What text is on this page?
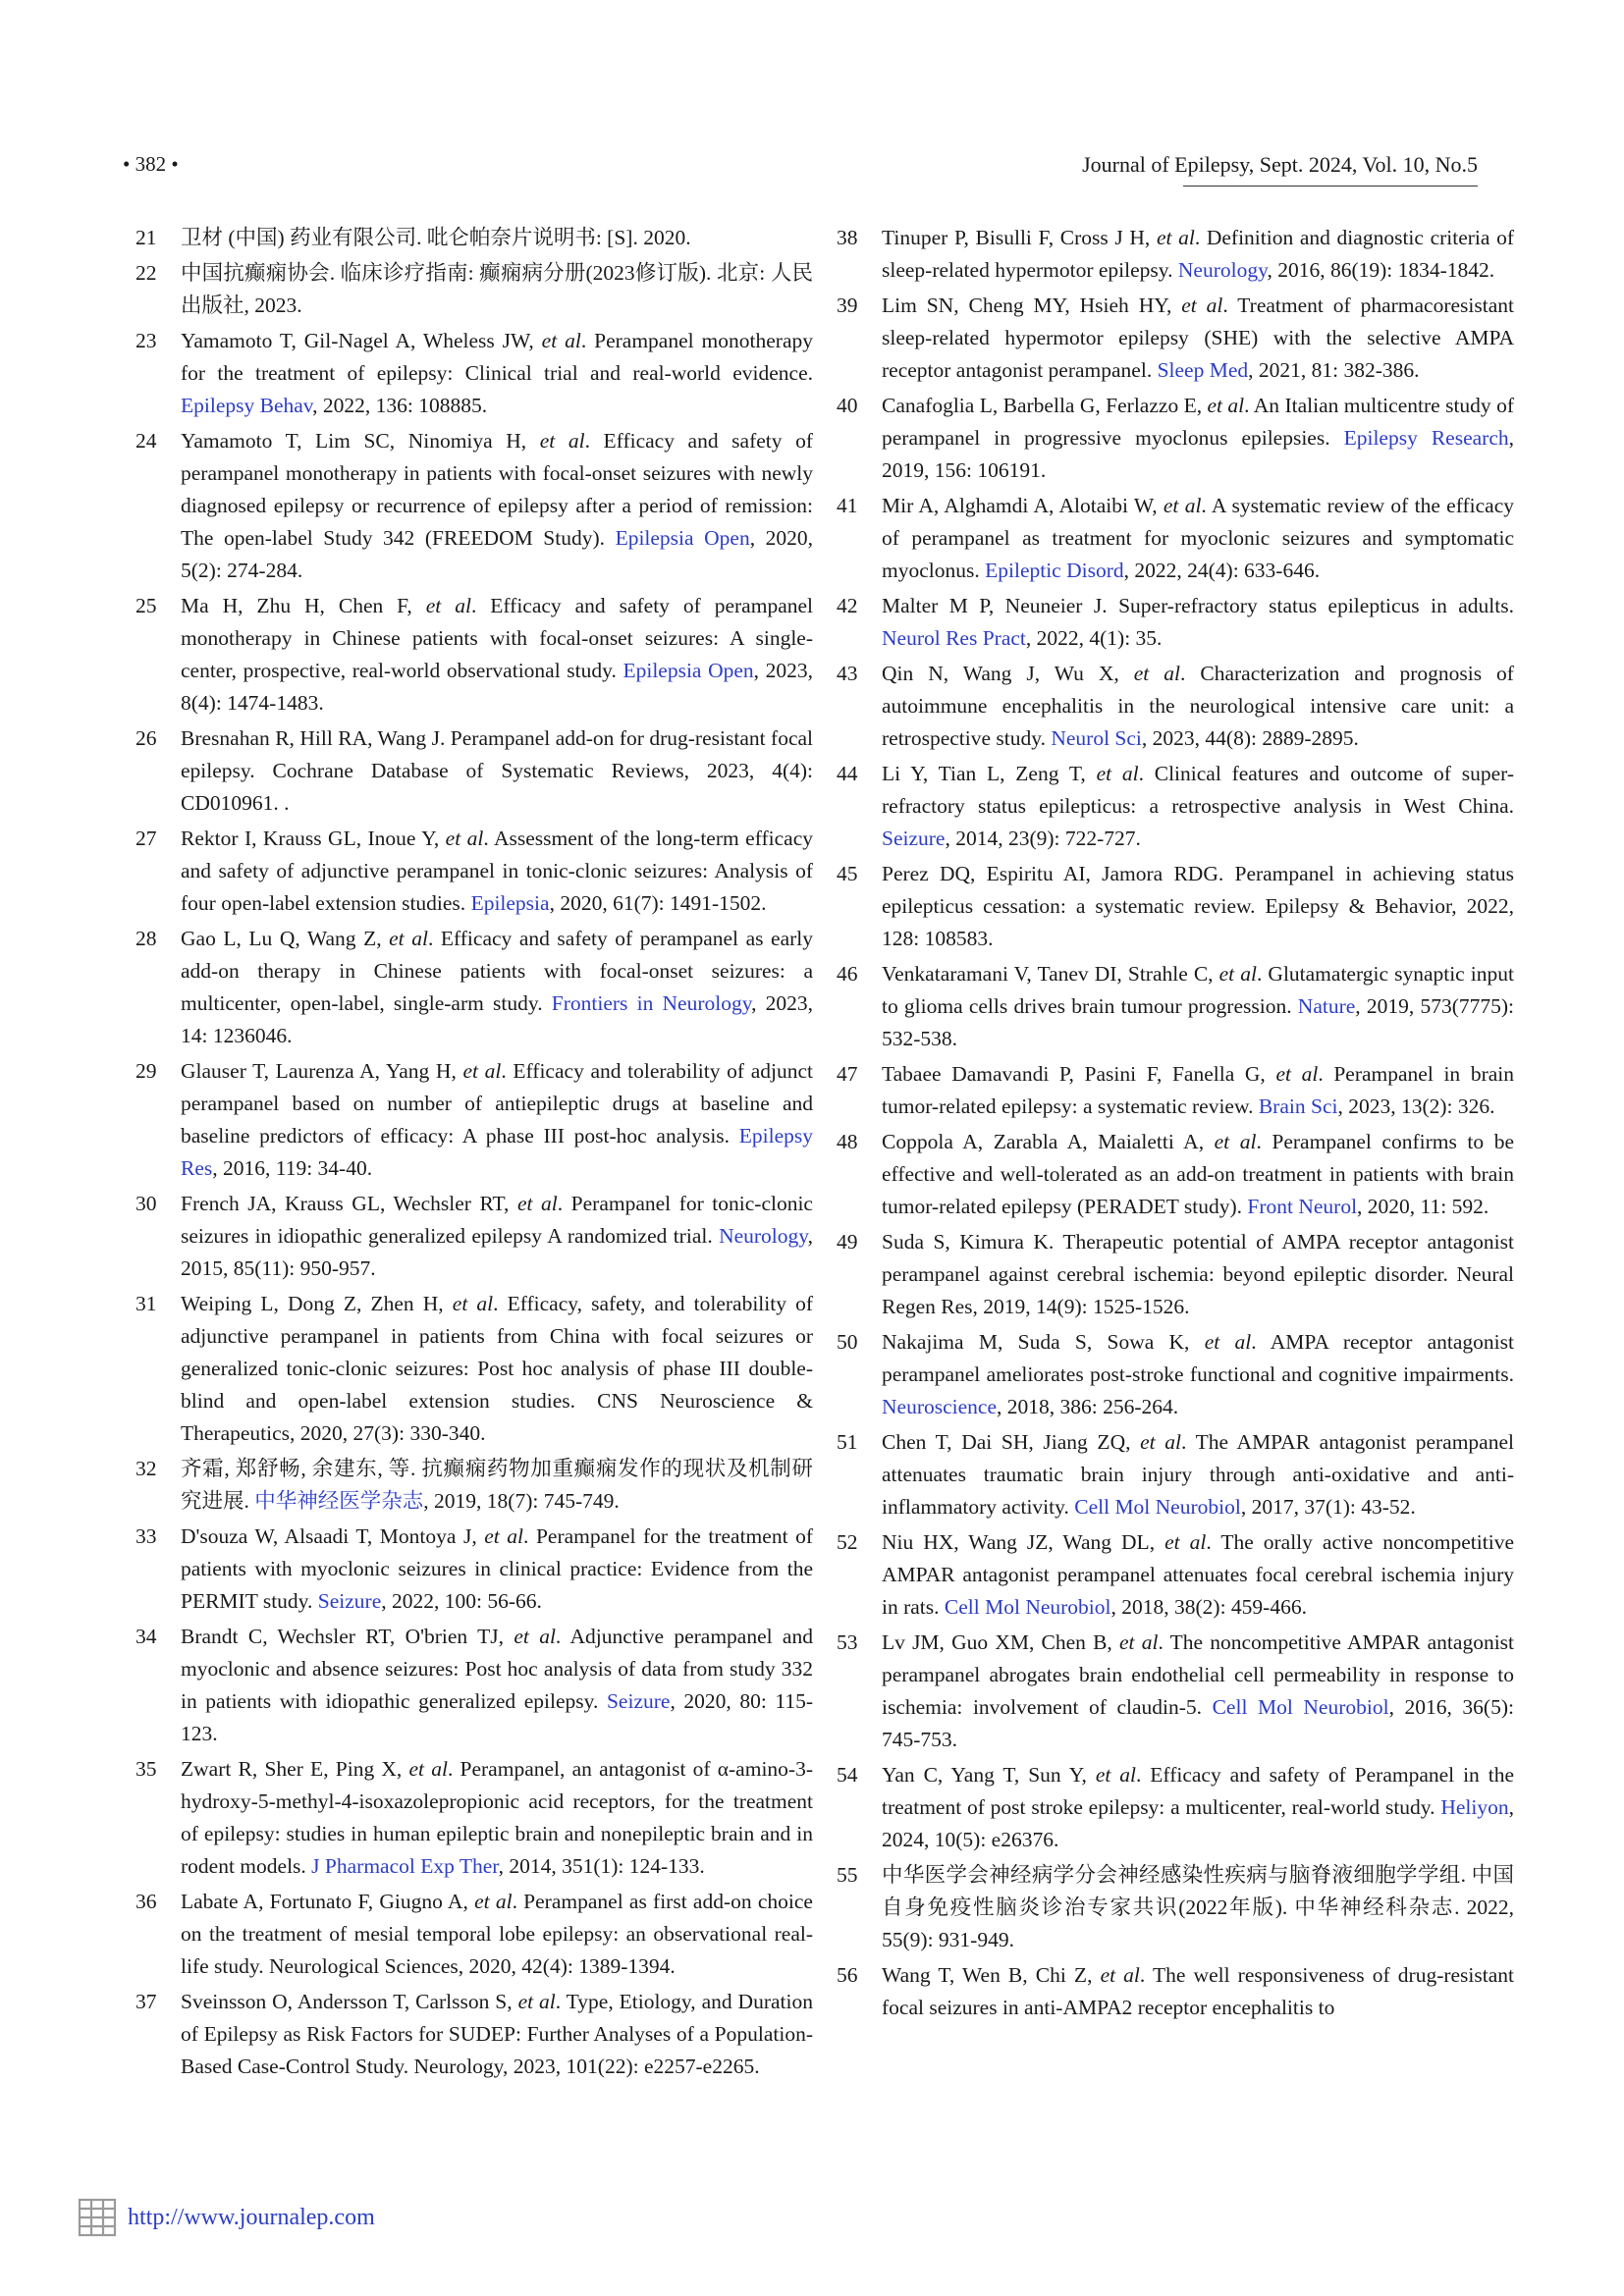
• 382 •	Journal of Epilepsy, Sept. 2024, Vol. 10, No.5
21	卫材 (中国) 药业有限公司. 吡仑帕奈片说明书: [S]. 2020.
22	中国抗癫痫协会. 临床诊疗指南: 癫痫病分册(2023修订版). 北京: 人民出版社, 2023.
23	Yamamoto T, Gil-Nagel A, Wheless JW, et al. Perampanel monotherapy for the treatment of epilepsy: Clinical trial and real-world evidence. Epilepsy Behav, 2022, 136: 108885.
24	Yamamoto T, Lim SC, Ninomiya H, et al. Efficacy and safety of perampanel monotherapy in patients with focal-onset seizures with newly diagnosed epilepsy or recurrence of epilepsy after a period of remission: The open-label Study 342 (FREEDOM Study). Epilepsia Open, 2020, 5(2): 274-284.
25	Ma H, Zhu H, Chen F, et al. Efficacy and safety of perampanel monotherapy in Chinese patients with focal-onset seizures: A single-center, prospective, real-world observational study. Epilepsia Open, 2023, 8(4): 1474-1483.
26	Bresnahan R, Hill RA, Wang J. Perampanel add-on for drug-resistant focal epilepsy. Cochrane Database of Systematic Reviews, 2023, 4(4): CD010961. .
27	Rektor I, Krauss GL, Inoue Y, et al. Assessment of the long-term efficacy and safety of adjunctive perampanel in tonic-clonic seizures: Analysis of four open-label extension studies. Epilepsia, 2020, 61(7): 1491-1502.
28	Gao L, Lu Q, Wang Z, et al. Efficacy and safety of perampanel as early add-on therapy in Chinese patients with focal-onset seizures: a multicenter, open-label, single-arm study. Frontiers in Neurology, 2023, 14: 1236046.
29	Glauser T, Laurenza A, Yang H, et al. Efficacy and tolerability of adjunct perampanel based on number of antiepileptic drugs at baseline and baseline predictors of efficacy: A phase III post-hoc analysis. Epilepsy Res, 2016, 119: 34-40.
30	French JA, Krauss GL, Wechsler RT, et al. Perampanel for tonic-clonic seizures in idiopathic generalized epilepsy A randomized trial. Neurology, 2015, 85(11): 950-957.
31	Weiping L, Dong Z, Zhen H, et al. Efficacy, safety, and tolerability of adjunctive perampanel in patients from China with focal seizures or generalized tonic-clonic seizures: Post hoc analysis of phase III double-blind and open-label extension studies. CNS Neuroscience & Therapeutics, 2020, 27(3): 330-340.
32	齐霜, 郑舒畅, 余建东, 等. 抗癫痫药物加重癫痫发作的现状及机制研究进展. 中华神经医学杂志, 2019, 18(7): 745-749.
33	D'souza W, Alsaadi T, Montoya J, et al. Perampanel for the treatment of patients with myoclonic seizures in clinical practice: Evidence from the PERMIT study. Seizure, 2022, 100: 56-66.
34	Brandt C, Wechsler RT, O'brien TJ, et al. Adjunctive perampanel and myoclonic and absence seizures: Post hoc analysis of data from study 332 in patients with idiopathic generalized epilepsy. Seizure, 2020, 80: 115-123.
35	Zwart R, Sher E, Ping X, et al. Perampanel, an antagonist of α-amino-3-hydroxy-5-methyl-4-isoxazolepropionic acid receptors, for the treatment of epilepsy: studies in human epileptic brain and nonepileptic brain and in rodent models. J Pharmacol Exp Ther, 2014, 351(1): 124-133.
36	Labate A, Fortunato F, Giugno A, et al. Perampanel as first add-on choice on the treatment of mesial temporal lobe epilepsy: an observational real-life study. Neurological Sciences, 2020, 42(4): 1389-1394.
37	Sveinsson O, Andersson T, Carlsson S, et al. Type, Etiology, and Duration of Epilepsy as Risk Factors for SUDEP: Further Analyses of a Population-Based Case-Control Study. Neurology, 2023, 101(22): e2257-e2265.
38	Tinuper P, Bisulli F, Cross J H, et al. Definition and diagnostic criteria of sleep-related hypermotor epilepsy. Neurology, 2016, 86(19): 1834-1842.
39	Lim SN, Cheng MY, Hsieh HY, et al. Treatment of pharmacoresistant sleep-related hypermotor epilepsy (SHE) with the selective AMPA receptor antagonist perampanel. Sleep Med, 2021, 81: 382-386.
40	Canafoglia L, Barbella G, Ferlazzo E, et al. An Italian multicentre study of perampanel in progressive myoclonus epilepsies. Epilepsy Research, 2019, 156: 106191.
41	Mir A, Alghamdi A, Alotaibi W, et al. A systematic review of the efficacy of perampanel as treatment for myoclonic seizures and symptomatic myoclonus. Epileptic Disord, 2022, 24(4): 633-646.
42	Malter M P, Neuneier J. Super-refractory status epilepticus in adults. Neurol Res Pract, 2022, 4(1): 35.
43	Qin N, Wang J, Wu X, et al. Characterization and prognosis of autoimmune encephalitis in the neurological intensive care unit: a retrospective study. Neurol Sci, 2023, 44(8): 2889-2895.
44	Li Y, Tian L, Zeng T, et al. Clinical features and outcome of super-refractory status epilepticus: a retrospective analysis in West China. Seizure, 2014, 23(9): 722-727.
45	Perez DQ, Espiritu AI, Jamora RDG. Perampanel in achieving status epilepticus cessation: a systematic review. Epilepsy & Behavior, 2022, 128: 108583.
46	Venkataramani V, Tanev DI, Strahle C, et al. Glutamatergic synaptic input to glioma cells drives brain tumour progression. Nature, 2019, 573(7775): 532-538.
47	Tabaee Damavandi P, Pasini F, Fanella G, et al. Perampanel in brain tumor-related epilepsy: a systematic review. Brain Sci, 2023, 13(2): 326.
48	Coppola A, Zarabla A, Maialetti A, et al. Perampanel confirms to be effective and well-tolerated as an add-on treatment in patients with brain tumor-related epilepsy (PERADET study). Front Neurol, 2020, 11: 592.
49	Suda S, Kimura K. Therapeutic potential of AMPA receptor antagonist perampanel against cerebral ischemia: beyond epileptic disorder. Neural Regen Res, 2019, 14(9): 1525-1526.
50	Nakajima M, Suda S, Sowa K, et al. AMPA receptor antagonist perampanel ameliorates post-stroke functional and cognitive impairments. Neuroscience, 2018, 386: 256-264.
51	Chen T, Dai SH, Jiang ZQ, et al. The AMPAR antagonist perampanel attenuates traumatic brain injury through anti-oxidative and anti-inflammatory activity. Cell Mol Neurobiol, 2017, 37(1): 43-52.
52	Niu HX, Wang JZ, Wang DL, et al. The orally active noncompetitive AMPAR antagonist perampanel attenuates focal cerebral ischemia injury in rats. Cell Mol Neurobiol, 2018, 38(2): 459-466.
53	Lv JM, Guo XM, Chen B, et al. The noncompetitive AMPAR antagonist perampanel abrogates brain endothelial cell permeability in response to ischemia: involvement of claudin-5. Cell Mol Neurobiol, 2016, 36(5): 745-753.
54	Yan C, Yang T, Sun Y, et al. Efficacy and safety of Perampanel in the treatment of post stroke epilepsy: a multicenter, real-world study. Heliyon, 2024, 10(5): e26376.
55	中华医学会神经病学分会神经感染性疾病与脑脊液细胞学学组. 中国自身免疫性脑炎诊治专家共识(2022年版). 中华神经科杂志. 2022, 55(9): 931-949.
56	Wang T, Wen B, Chi Z, et al. The well responsiveness of drug-resistant focal seizures in anti-AMPA2 receptor encephalitis to
http://www.journalep.com
